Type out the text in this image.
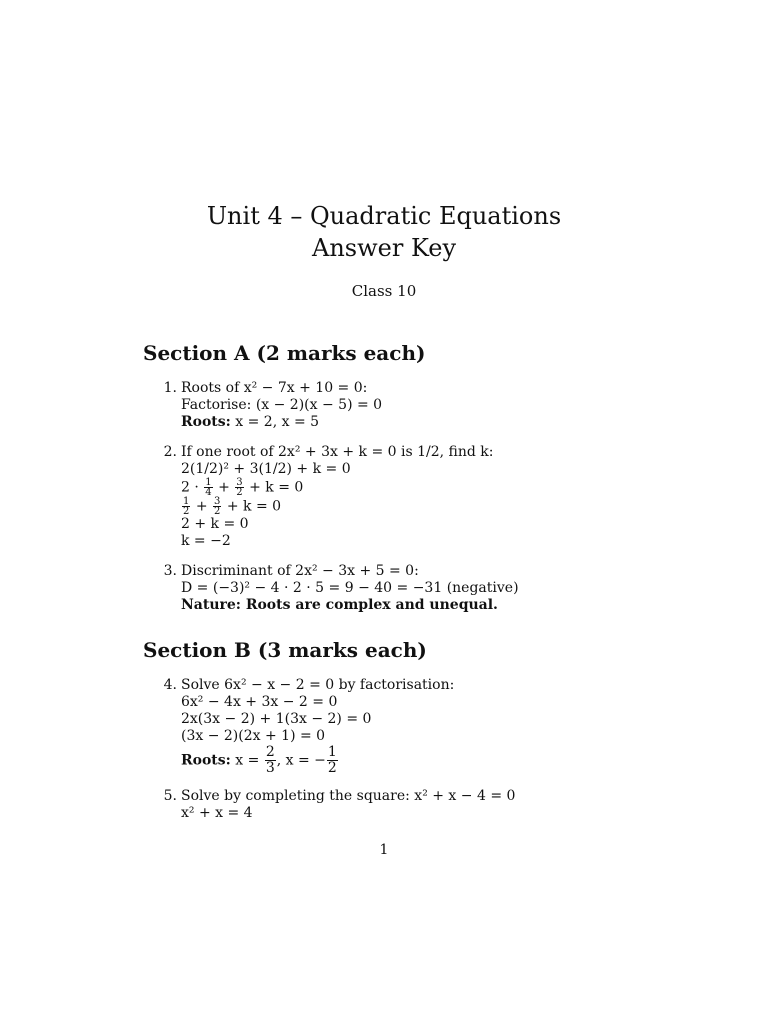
Unit 4 – Quadratic Equations
Answer Key
Class 10
Section A (2 marks each)
1. Roots of x² − 7x + 10 = 0:
Factorise: (x − 2)(x − 5) = 0
Roots: x = 2, x = 5
2. If one root of 2x² + 3x + k = 0 is 1/2, find k:
2(1/2)² + 3(1/2) + k = 0
$2 \cdot \frac{1}{4} + \frac{3}{2} + k = 0$
$\frac{1}{2} + \frac{3}{2} + k = 0$
2 + k = 0
k = −2
3. Discriminant of 2x² − 3x + 5 = 0:
D = (−3)² − 4 · 2 · 5 = 9 − 40 = −31 (negative)
Nature: Roots are complex and unequal.
Section B (3 marks each)
4. Solve 6x² − x − 2 = 0 by factorisation:
6x² − 4x + 3x − 2 = 0
2x(3x − 2) + 1(3x − 2) = 0
(3x − 2)(2x + 1) = 0
Roots: $x = \frac{2}{3}$ , x = − $\frac{1}{2}$
5. Solve by completing the square: x² + x − 4 = 0
x² + x = 4
1
